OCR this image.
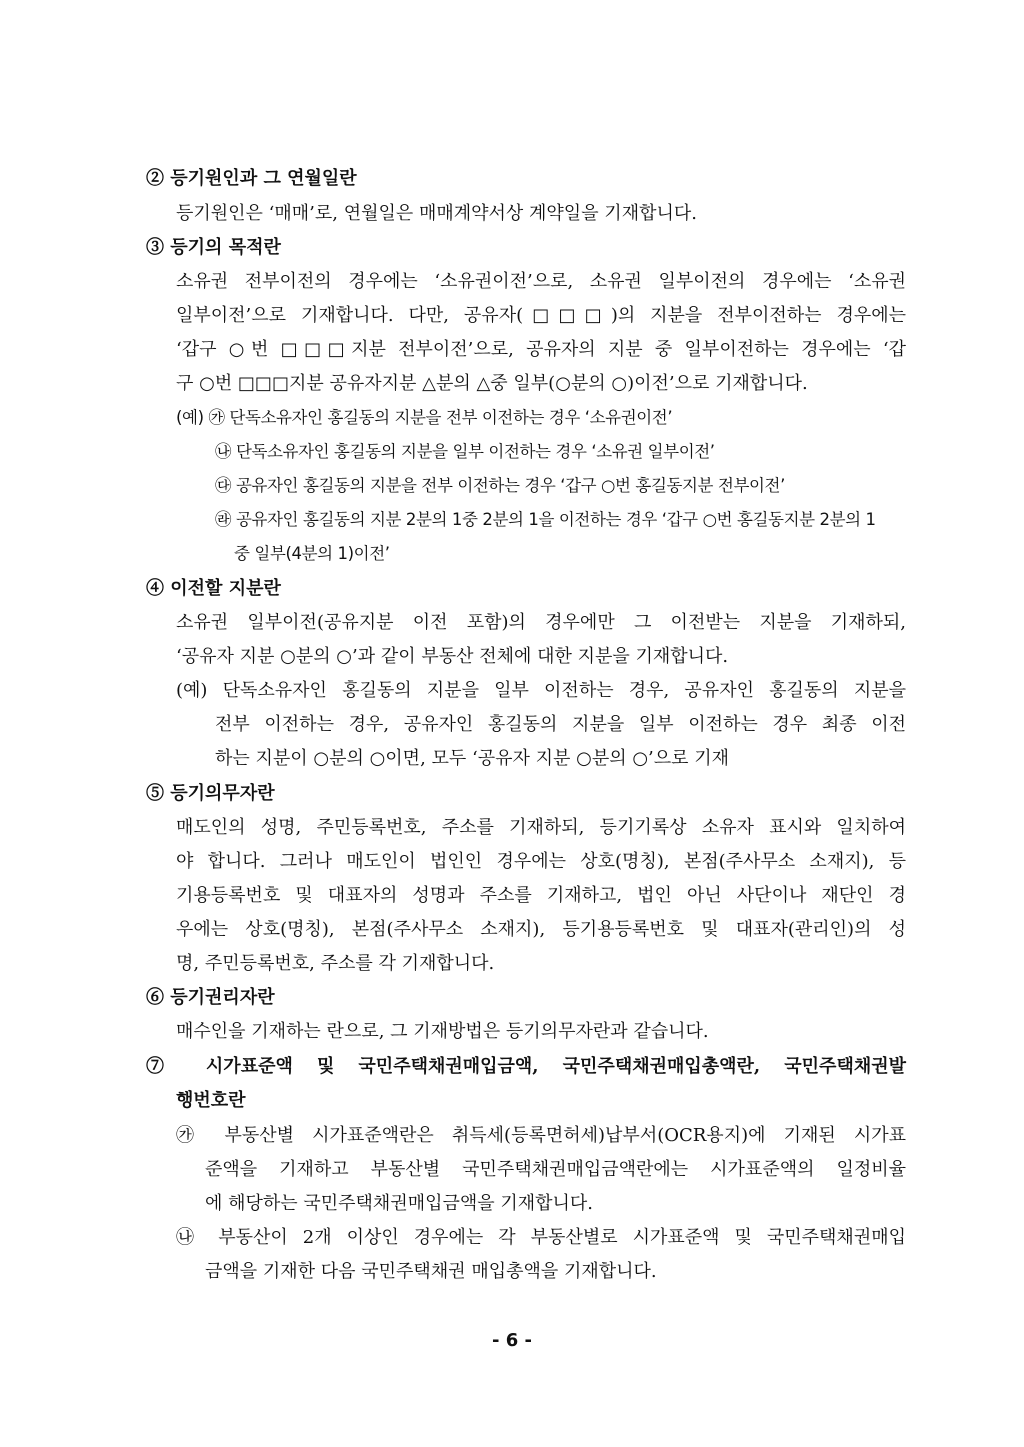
② 등기원인과 그 연월일란
등기원인은 ‘매매’로, 연월일은 매매계약서상 계약일을 기재합니다.
③ 등기의 목적란
소유권 전부이전의 경우에는 ‘소유권이전’으로, 소유권 일부이전의 경우에는 ‘소유권
일부이전’으로 기재합니다. 다만, 공유자(□□□)의 지분을 전부이전하는 경우에는
‘갑구 ○번 □□□지분 전부이전’으로, 공유자의 지분 중 일부이전하는 경우에는 ‘갑
구 ○번 □□□지분 공유자지분 △분의 △중 일부(○분의 ○)이전’으로 기재합니다.
(예) ㉮ 단독소유자인 홍길동의 지분을 전부 이전하는 경우 ‘소유권이전’
㉯ 단독소유자인 홍길동의 지분을 일부 이전하는 경우 ‘소유권 일부이전’
㉰ 공유자인 홍길동의 지분을 전부 이전하는 경우 ‘갑구 ○번 홍길동지분 전부이전’
㉱ 공유자인 홍길동의 지분 2분의 1중 2분의 1을 이전하는 경우 ‘갑구 ○번 홍길동지분 2분의 1
중 일부(4분의 1)이전’
④ 이전할 지분란
소유권 일부이전(공유지분 이전 포함)의 경우에만 그 이전받는 지분을 기재하되,
‘공유자 지분 ○분의 ○’과 같이 부동산 전체에 대한 지분을 기재합니다.
(예) 단독소유자인 홍길동의 지분을 일부 이전하는 경우, 공유자인 홍길동의 지분을
전부 이전하는 경우, 공유자인 홍길동의 지분을 일부 이전하는 경우 최종 이전
하는 지분이 ○분의 ○이면, 모두 ‘공유자 지분 ○분의 ○’으로 기재
⑤ 등기의무자란
매도인의 성명, 주민등록번호, 주소를 기재하되, 등기기록상 소유자 표시와 일치하여
야 합니다. 그러나 매도인이 법인인 경우에는 상호(명칭), 본점(주사무소 소재지), 등
기용등록번호 및 대표자의 성명과 주소를 기재하고, 법인 아닌 사단이나 재단인 경
우에는 상호(명칭), 본점(주사무소 소재지), 등기용등록번호 및 대표자(관리인)의 성
명, 주민등록번호, 주소를 각 기재합니다.
⑥ 등기권리자란
매수인을 기재하는 란으로, 그 기재방법은 등기의무자란과 같습니다.
⑦ 시가표준액 및 국민주택채권매입금액, 국민주택채권매입총액란, 국민주택채권발
행번호란
㉮ 부동산별 시가표준액란은 취득세(등록면허세)납부서(OCR용지)에 기재된 시가표
준액을 기재하고 부동산별 국민주택채권매입금액란에는 시가표준액의 일정비율
에 해당하는 국민주택채권매입금액을 기재합니다.
㉯ 부동산이 2개 이상인 경우에는 각 부동산별로 시가표준액 및 국민주택채권매입
금액을 기재한 다음 국민주택채권 매입총액을 기재합니다.
- 6 -
